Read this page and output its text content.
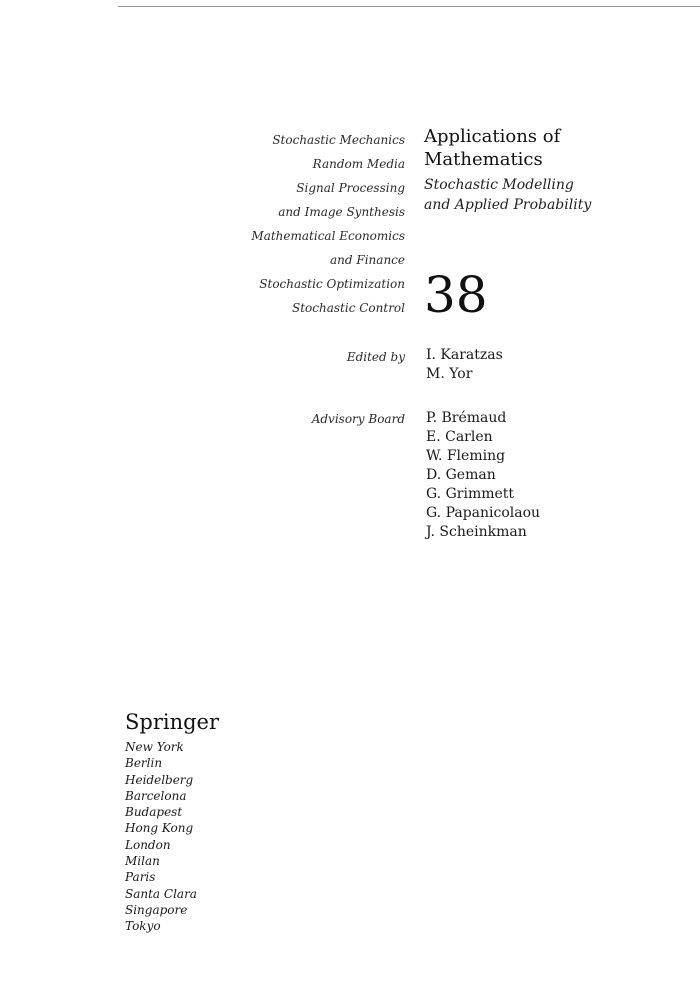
Stochastic Mechanics
Random Media
Signal Processing
and Image Synthesis
Mathematical Economics
and Finance
Stochastic Optimization
Stochastic Control
Applications of
Mathematics
Stochastic Modelling
and Applied Probability
38
Edited by I. Karatzas
M. Yor
Advisory Board P. Brémaud
E. Carlen
W. Fleming
D. Geman
G. Grimmett
G. Papanicolaou
J. Scheinkman
Springer
New York
Berlin
Heidelberg
Barcelona
Budapest
Hong Kong
London
Milan
Paris
Santa Clara
Singapore
Tokyo
